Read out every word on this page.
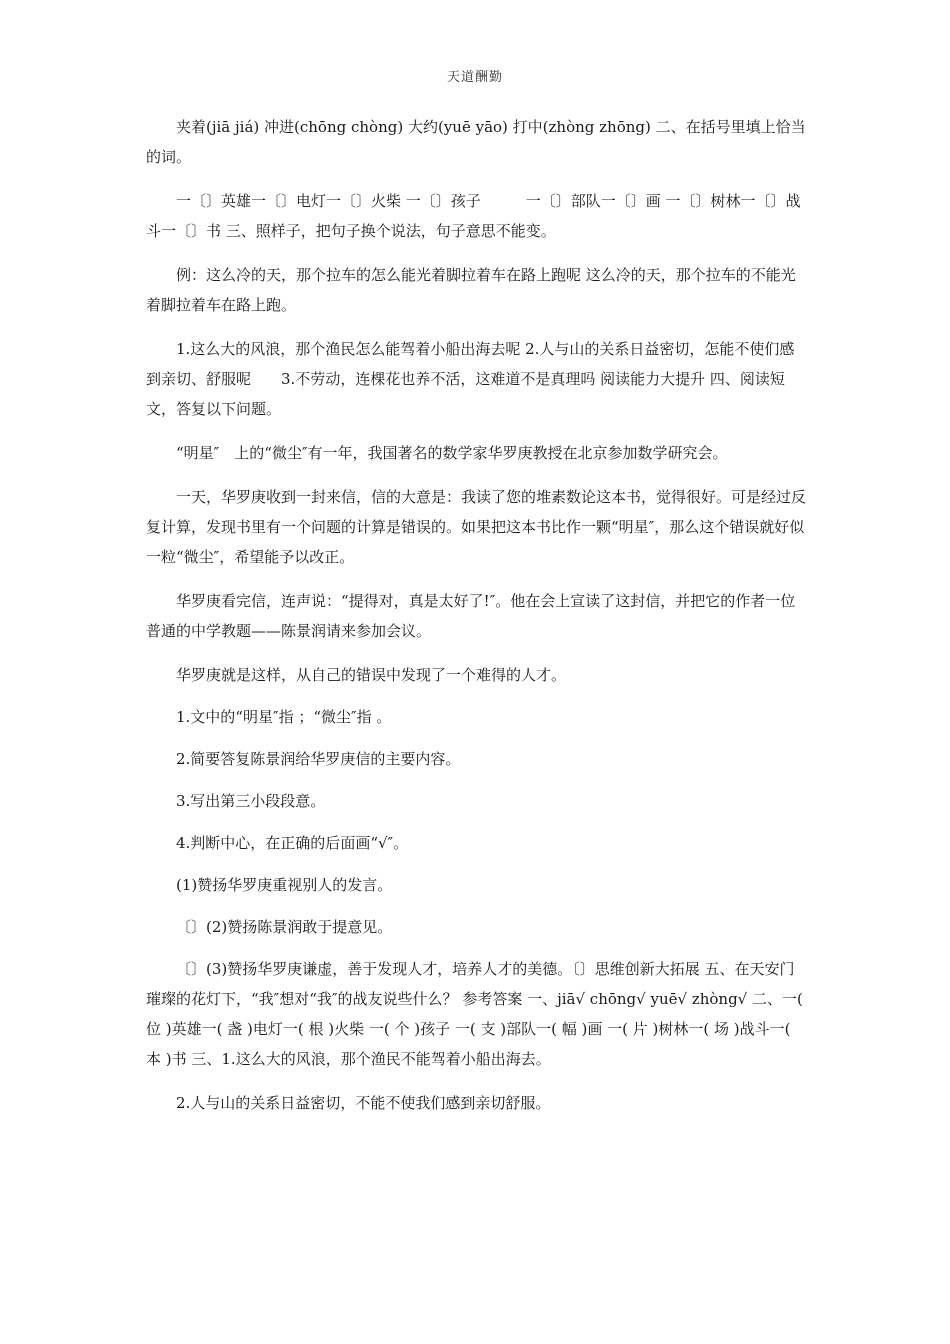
天道酬勤

夹着(jiā jiá) 冲进(chōng chòng) 大约(yuē yāo) 打中(zhòng zhōng) 二、在括号里填上恰当的词。

一〔〕英雄一〔〕电灯一〔〕火柴 一〔〕孩子　　　一〔〕部队一〔〕画 一〔〕树林一〔〕战斗一〔〕书 三、照样子，把句子换个说法，句子意思不能变。

例：这么冷的天，那个拉车的怎么能光着脚拉着车在路上跑呢 这么冷的天，那个拉车的不能光着脚拉着车在路上跑。

1.这么大的风浪，那个渔民怎么能驾着小船出海去呢 2.人与山的关系日益密切，怎能不使们感到亲切、舒服呢　　3.不劳动，连棵花也养不活，这难道不是真理吗 阅读能力大提升 四、阅读短文，答复以下问题。

“明星″　上的“微尘″有一年，我国著名的数学家华罗庚教授在北京参加数学研究会。

一天，华罗庚收到一封来信，信的大意是：我读了您的堆素数论这本书，觉得很好。可是经过反复计算，发现书里有一个问题的计算是错误的。如果把这本书比作一颗“明星″，那么这个错误就好似一粒“微尘″，希望能予以改正。

华罗庚看完信，连声说：“提得对，真是太好了!″。他在会上宣读了这封信，并把它的作者一位普通的中学教题——陈景润请来参加会议。

华罗庚就是这样，从自己的错误中发现了一个难得的人才。

1.文中的“明星″指 ；“微尘″指 。

2.简要答复陈景润给华罗庚信的主要内容。

3.写出第三小段段意。

4.判断中心，在正确的后面画“√″。

(1)赞扬华罗庚重视别人的发言。

〔〕(2)赞扬陈景润敢于提意见。

〔〕(3)赞扬华罗庚谦虚，善于发现人才，培养人才的美德。〔〕思维创新大拓展 五、在天安门璀璨的花灯下，“我″想对“我″的战友说些什么？ 参考答案 一、jiā√ chōng√ yuē√ zhòng√ 二、一( 位 )英雄一( 盏 )电灯一( 根 )火柴 一( 个 )孩子 一( 支 )部队一( 幅 )画 一( 片 )树林一( 场 )战斗一( 本 )书 三、1.这么大的风浪，那个渔民不能驾着小船出海去。

2.人与山的关系日益密切，不能不使我们感到亲切舒服。
